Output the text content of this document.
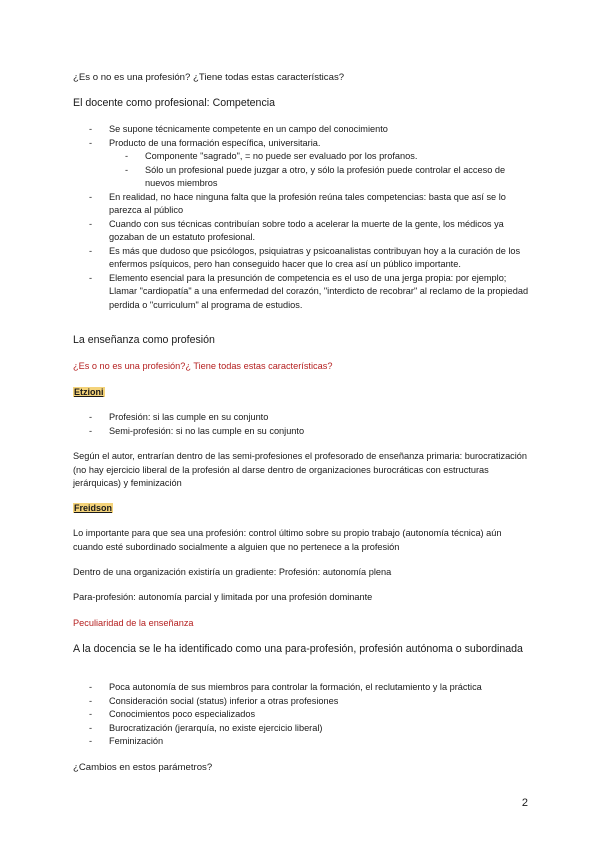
¿Es o no es una profesión? ¿Tiene todas estas características?
El docente como profesional: Competencia
- Se supone técnicamente competente en un campo del conocimiento
- Producto de una formación específica, universitaria.
- Componente "sagrado", = no puede ser evaluado por los profanos.
- Sólo un profesional puede juzgar a otro, y sólo la profesión puede controlar el acceso de nuevos miembros
- En realidad, no hace ninguna falta que la profesión reúna tales competencias: basta que así se lo parezca al público
- Cuando con sus técnicas contribuían sobre todo a acelerar la muerte de la gente, los médicos ya gozaban de un estatuto profesional.
- Es más que dudoso que psicólogos, psiquiatras y psicoanalistas contribuyan hoy a la curación de los enfermos psíquicos, pero han conseguido hacer que lo crea así un público importante.
- Elemento esencial para la presunción de competencia es el uso de una jerga propia: por ejemplo; Llamar "cardiopatía" a una enfermedad del corazón, "interdicto de recobrar" al reclamo de la propiedad perdida o "curriculum" al programa de estudios.
La enseñanza como profesión
¿Es o no es una profesión?¿ Tiene todas estas características?
Etzioni
- Profesión: si las cumple en su conjunto
- Semi-profesión: si no las cumple en su conjunto
Según el autor, entrarían dentro de las semi-profesiones el profesorado de enseñanza primaria: burocratización (no hay ejercicio liberal de la profesión al darse dentro de organizaciones burocráticas con estructuras jerárquicas) y feminización
Freidson
Lo importante para que sea una profesión: control último sobre su propio trabajo (autonomía técnica) aún cuando esté subordinado socialmente a alguien que no pertenece a la profesión
Dentro de una organización existiría un gradiente: Profesión: autonomía plena
Para-profesión: autonomía parcial y limitada por una profesión dominante
Peculiaridad de la enseñanza
A la docencia se le ha identificado como una para-profesión, profesión autónoma o subordinada
- Poca autonomía de sus miembros para controlar la formación, el reclutamiento y la práctica
- Consideración social (status) inferior a otras profesiones
- Conocimientos poco especializados
- Burocratización (jerarquía, no existe ejercicio liberal)
- Feminización
¿Cambios en estos parámetros?
2
